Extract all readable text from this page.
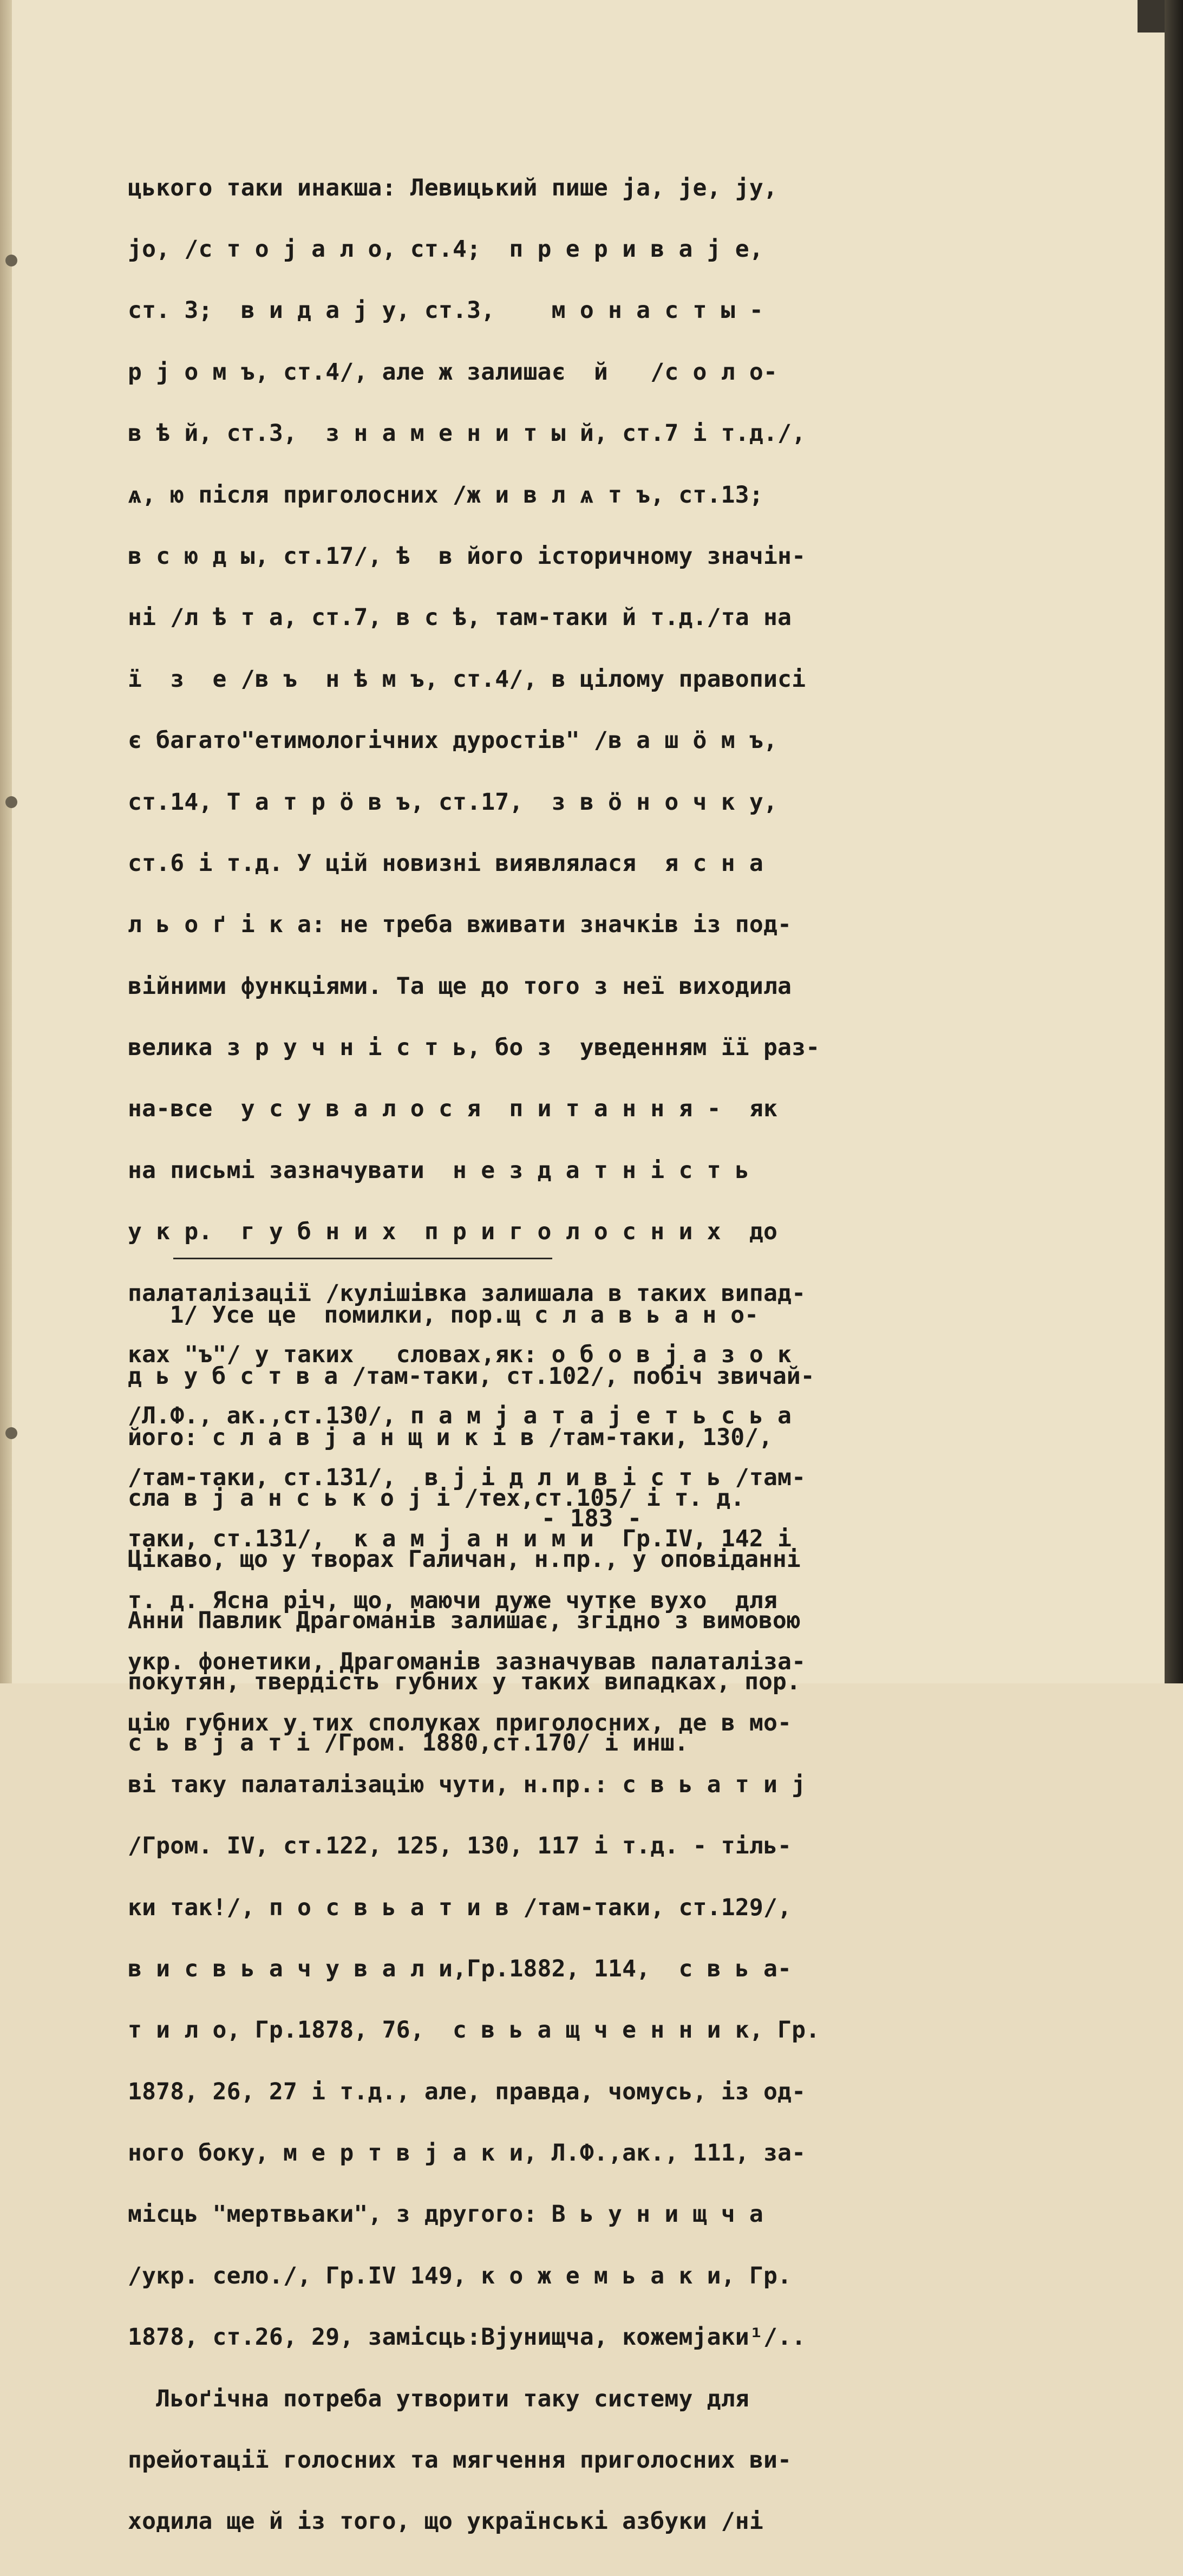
цького таки инакша: Левицький пише јa, јe, јy,

јo, /с т о ј а л о, ст.4;  п р е р и в а ј е,

ст. 3;  в и д а ј у, ст.3,    м о н а с т ы -

р ј о м ъ, ст.4/, але ж залишає  й   /с о л о-

в ѣ й, ст.3,  з н а м е н и т ы й, ст.7 і т.д./,

ѧ, ю після приголосних /ж и в л ѧ т ъ, ст.13;

в с ю д ы, ст.17/, ѣ  в його історичному значін-

ні /л ѣ т а, ст.7, в с ѣ, там-таки й т.д./та на

ї  з  е /в ъ  н ѣ м ъ, ст.4/, в цілому правописі

є багато"етимологічних дуростів" /в а ш ö м ъ,

ст.14, Т а т р ö в ъ, ст.17,  з в ö н о ч к у,

ст.6 і т.д. У цій новизні виявлялася  я с н а

л ь о ґ і к а: не треба вживати значків із под-

війними функціями. Та ще до того з неї виходила

велика з р у ч н і с т ь, бо з  уведенням її раз-

на-все  у с у в а л о с я  п и т а н н я -  як

на письмі зазначувати  н е з д а т н і с т ь

у к р.  г у б н и х  п р и г о л о с н и х  до

палаталізації /кулішівка залишала в таких випад-

ках "ъ"/ у таких   словах,як: о б о в ј а з о к

/Л.Ф., ак.,ст.130/, п а м ј а т а ј е т ь с ь а

/там-таки, ст.131/,  в ј і д л и в і с т ь /там-

таки, ст.131/,  к а м ј а н и м и  Гр.IV, 142 і

т. д. Ясна річ, що, маючи дуже чутке вухо  для

укр. фонетики, Драгоманів зазначував палаталіза-

цію губних у тих сполуках приголосних, де в мо-

ві таку палаталізацію чути, н.пр.: с в ь а т и ј

/Гром. IV, ст.122, 125, 130, 117 і т.д. - тіль-

ки так!/, п о с в ь а т и в /там-таки, ст.129/,

в и с в ь а ч у в а л и,Гр.1882, 114,  с в ь а-

т и л о, Гр.1878, 76,  с в ь а щ ч е н н и к, Гр.

1878, 26, 27 і т.д., але, правда, чомусь, із од-

ного боку, м е р т в ј а к и, Л.Ф.,ак., 111, за-

місць "мертвьаки", з другого: В ь у н и щ ч а

/укр. село./, Гр.IV 149, к о ж е м ь а к и, Гр.

1878, ст.26, 29, замісць:Вјунищча, кожемјаки¹/..

Льоґічна потреба утворити таку систему для

прейотації голосних та мягчення приголосних ви-

ходила ще й із того, що українські азбуки /ні

1/ Усе це  помилки, пор.щ с л а в ь а н о-

д ь у б с т в а /там-таки, ст.102/, побіч звичай-

його: с л а в ј а н щ и к і в /там-таки, 130/,

сла в ј а н с ь к о ј і /тех,ст.105/ і т. д.

Цікаво, що у творах Галичан, н.пр., у оповіданні

Анни Павлик Драгоманів залишає, згідно з вимовою

покутян, твердість губних у таких випадках, пор.

с ь в ј а т і /Гром. 1880,ст.170/ і инш.

- 183 -
